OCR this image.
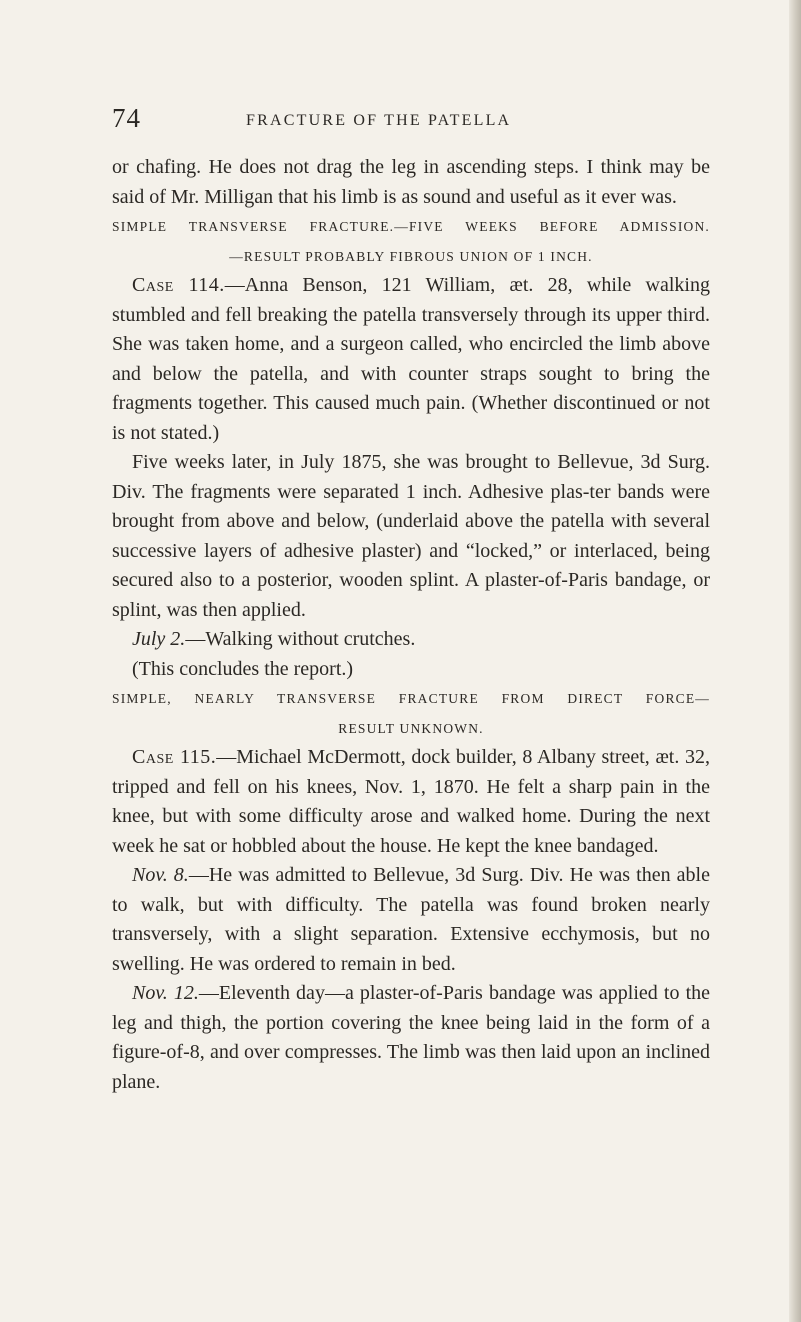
74	FRACTURE OF THE PATELLA

or chafing. He does not drag the leg in ascending steps. I think may be said of Mr. Milligan that his limb is as sound and useful as it ever was.

SIMPLE TRANSVERSE FRACTURE.—FIVE WEEKS BEFORE ADMISSION.
—RESULT PROBABLY FIBROUS UNION OF 1 INCH.

Case 114.—Anna Benson, 121 William, æt. 28, while walking stumbled and fell breaking the patella transversely through its upper third. She was taken home, and a surgeon called, who encircled the limb above and below the patella, and with counter straps sought to bring the fragments together. This caused much pain. (Whether discontinued or not is not stated.)

Five weeks later, in July 1875, she was brought to Bellevue, 3d Surg. Div. The fragments were separated 1 inch. Adhesive plas-ter bands were brought from above and below, (underlaid above the patella with several successive layers of adhesive plaster) and “locked,” or interlaced, being secured also to a posterior, wooden splint. A plaster-of-Paris bandage, or splint, was then applied.

July 2.—Walking without crutches.

(This concludes the report.)

SIMPLE, NEARLY TRANSVERSE FRACTURE FROM DIRECT FORCE—
RESULT UNKNOWN.

Case 115.—Michael McDermott, dock builder, 8 Albany street, æt. 32, tripped and fell on his knees, Nov. 1, 1870. He felt a sharp pain in the knee, but with some difficulty arose and walked home. During the next week he sat or hobbled about the house. He kept the knee bandaged.

Nov. 8.—He was admitted to Bellevue, 3d Surg. Div. He was then able to walk, but with difficulty. The patella was found broken nearly transversely, with a slight separation. Extensive ecchymosis, but no swelling. He was ordered to remain in bed.

Nov. 12.—Eleventh day—a plaster-of-Paris bandage was applied to the leg and thigh, the portion covering the knee being laid in the form of a figure-of-8, and over compresses. The limb was then laid upon an inclined plane.
